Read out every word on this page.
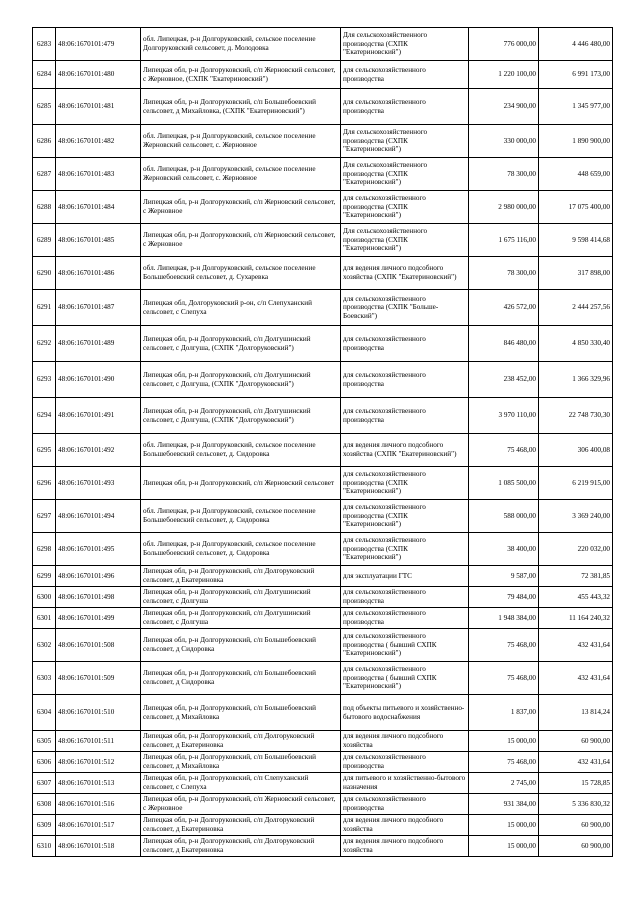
6283	48:06:1670101:479	обл. Липецкая, р-н Долгоруковский, сельское поселение Долгоруковский сельсовет, д. Молодовка	Для сельскохозяйственного производства (СХПК "Екатериновский")	776 000,00	4 446 480,00
6284	48:06:1670101:480	Липецкая обл, р-н Долгоруковский, с/п Жерновский сельсовет, с Жерновное, (СХПК "Екатериновский")	для сельскохозяйственного производства	1 220 100,00	6 991 173,00
6285	48:06:1670101:481	Липецкая обл, р-н Долгоруковский, с/п Большебоевский сельсовет, д Михайловка, (СХПК "Екатериновский")	для сельскохозяйственного производства	234 900,00	1 345 977,00
6286	48:06:1670101:482	обл. Липецкая, р-н Долгоруковский, сельское поселение Жерновский сельсовет, с. Жерновное	Для сельскохозяйственного производства (СХПК "Екатериновский")	330 000,00	1 890 900,00
6287	48:06:1670101:483	обл. Липецкая, р-н Долгоруковский, сельское поселение Жерновский сельсовет, с. Жерновное	Для сельскохозяйственного производства (СХПК "Екатериновский")	78 300,00	448 659,00
6288	48:06:1670101:484	Липецкая обл, р-н Долгоруковский, с/п Жерновский сельсовет, с Жерновное	для сельскохозяйственного производства (СХПК "Екатериновский")	2 980 000,00	17 075 400,00
6289	48:06:1670101:485	Липецкая обл, р-н Долгоруковский, с/п Жерновский сельсовет, с Жерновное	Для сельскохозяйственного производства (СХПК "Екатериновский")	1 675 116,00	9 598 414,68
6290	48:06:1670101:486	обл. Липецкая, р-н Долгоруковский, сельское поселение Большебоевский сельсовет, д. Сухаревка	для ведения личного подсобного хозяйства (СХПК "Екатериновский")	78 300,00	317 898,00
6291	48:06:1670101:487	Липецкая обл, Долгоруковский р-он, с/п Слепуханский сельсовет, с Слепуха	для сельскохозяйственного производства (СХПК "Больше-Боевский")	426 572,00	2 444 257,56
6292	48:06:1670101:489	Липецкая обл, р-н Долгоруковский, с/п Долгушинский сельсовет, с Долгуша, (СХПК "Долгоруковский")	для сельскохозяйственного производства	846 480,00	4 850 330,40
6293	48:06:1670101:490	Липецкая обл, р-н Долгоруковский, с/п Долгушинский сельсовет, с Долгуша, (СХПК "Долгоруковский")	для сельскохозяйственного производства	238 452,00	1 366 329,96
6294	48:06:1670101:491	Липецкая обл, р-н Долгоруковский, с/п Долгушинский сельсовет, с Долгуша, (СХПК "Долгоруковский")	для сельскохозяйственного производства	3 970 110,00	22 748 730,30
6295	48:06:1670101:492	обл. Липецкая, р-н Долгоруковский, сельское поселение Большебоевский сельсовет, д. Сидоровка	для ведения личного подсобного хозяйства (СХПК "Екатериновский")	75 468,00	306 400,08
6296	48:06:1670101:493	Липецкая обл, р-н Долгоруковский, с/п Жерновский сельсовет	для сельскохозяйственного производства (СХПК "Екатериновский")	1 085 500,00	6 219 915,00
6297	48:06:1670101:494	обл. Липецкая, р-н Долгоруковский, сельское поселение Большебоевский сельсовет, д. Сидоровка	для сельскохозяйственного производства (СХПК "Екатериновский")	588 000,00	3 369 240,00
6298	48:06:1670101:495	обл. Липецкая, р-н Долгоруковский, сельское поселение Большебоевский сельсовет, д. Сидоровка	для сельскохозяйственного производства (СХПК "Екатериновский")	38 400,00	220 032,00
6299	48:06:1670101:496	Липецкая обл, р-н Долгоруковский, с/п Долгоруковский сельсовет, д Екатериновка	для эксплуатации ГТС	9 587,00	72 381,85
6300	48:06:1670101:498	Липецкая обл, р-н Долгоруковский, с/п Долгушинский сельсовет, с Долгуша	для сельскохозяйственного производства	79 484,00	455 443,32
6301	48:06:1670101:499	Липецкая обл, р-н Долгоруковский, с/п Долгушинский сельсовет, с Долгуша	для сельскохозяйственного производства	1 948 384,00	11 164 240,32
6302	48:06:1670101:508	Липецкая обл, р-н Долгоруковский, с/п Большебоевский сельсовет, д Сидоровка	для сельскохозяйственного производства ( бывший СХПК "Екатериновский")	75 468,00	432 431,64
6303	48:06:1670101:509	Липецкая обл, р-н Долгоруковский, с/п Большебоевский сельсовет, д Сидоровка	для сельскохозяйственного производства ( бывший СХПК "Екатериновский")	75 468,00	432 431,64
6304	48:06:1670101:510	Липецкая обл, р-н Долгоруковский, с/п Большебоевский сельсовет, д Михайловка	под объекты питьевого и хозяйственно-бытового водоснабжения	1 837,00	13 814,24
6305	48:06:1670101:511	Липецкая обл, р-н Долгоруковский, с/п Долгоруковский сельсовет, д Екатериновка	для ведения личного подсобного хозяйства	15 000,00	60 900,00
6306	48:06:1670101:512	Липецкая обл, р-н Долгоруковский, с/п Большебоевский сельсовет, д Михайловка	для сельскохозяйственного производства	75 468,00	432 431,64
6307	48:06:1670101:513	Липецкая обл, р-н Долгоруковский, с/п Слепуханский сельсовет, с Слепуха	для питьевого и хозяйственно-бытового назначения	2 745,00	15 728,85
6308	48:06:1670101:516	Липецкая обл, р-н Долгоруковский, с/п Жерновский сельсовет, с Жерновное	для сельскохозяйственного производства	931 384,00	5 336 830,32
6309	48:06:1670101:517	Липецкая обл, р-н Долгоруковский, с/п Долгоруковский сельсовет, д Екатериновка	для ведения личного подсобного хозяйства	15 000,00	60 900,00
6310	48:06:1670101:518	Липецкая обл, р-н Долгоруковский, с/п Долгоруковский сельсовет, д Екатериновка	для ведения личного подсобного хозяйства	15 000,00	60 900,00
